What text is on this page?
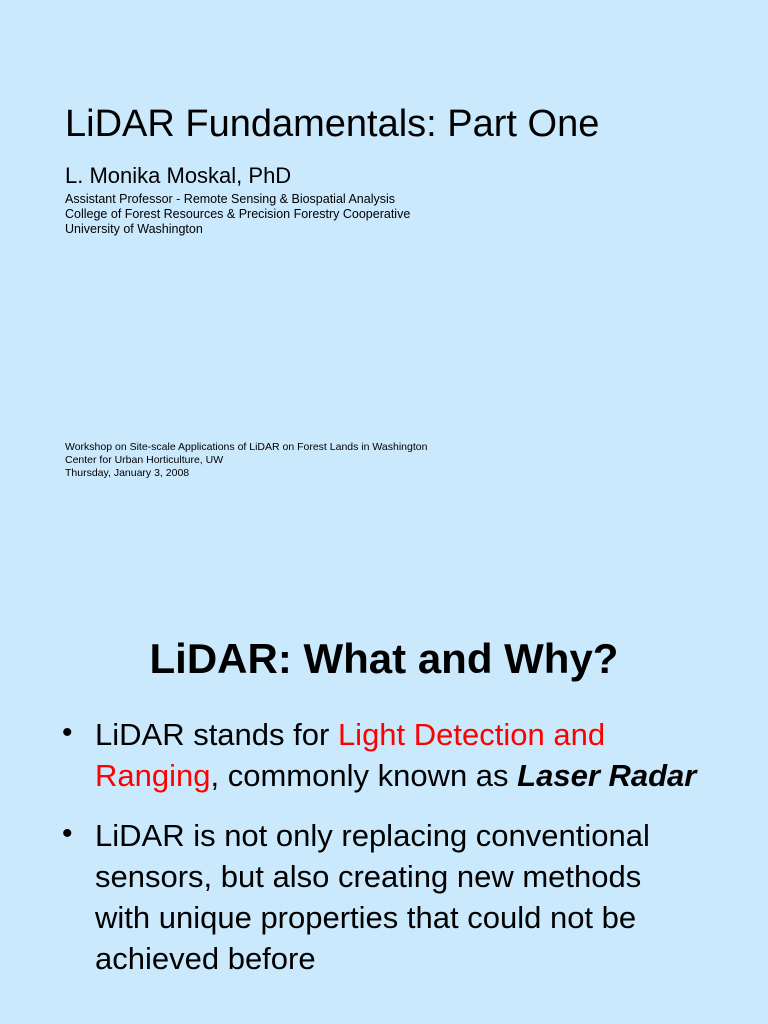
LiDAR Fundamentals: Part One
L. Monika Moskal, PhD
Assistant Professor - Remote Sensing & Biospatial Analysis
College of Forest Resources & Precision Forestry Cooperative
University of Washington
Workshop on Site-scale Applications of LiDAR on Forest Lands in Washington
Center for Urban Horticulture, UW
Thursday, January 3, 2008
LiDAR: What and Why?
• LiDAR stands for Light Detection and Ranging, commonly known as Laser Radar
• LiDAR is not only replacing conventional sensors, but also creating new methods with unique properties that could not be achieved before
